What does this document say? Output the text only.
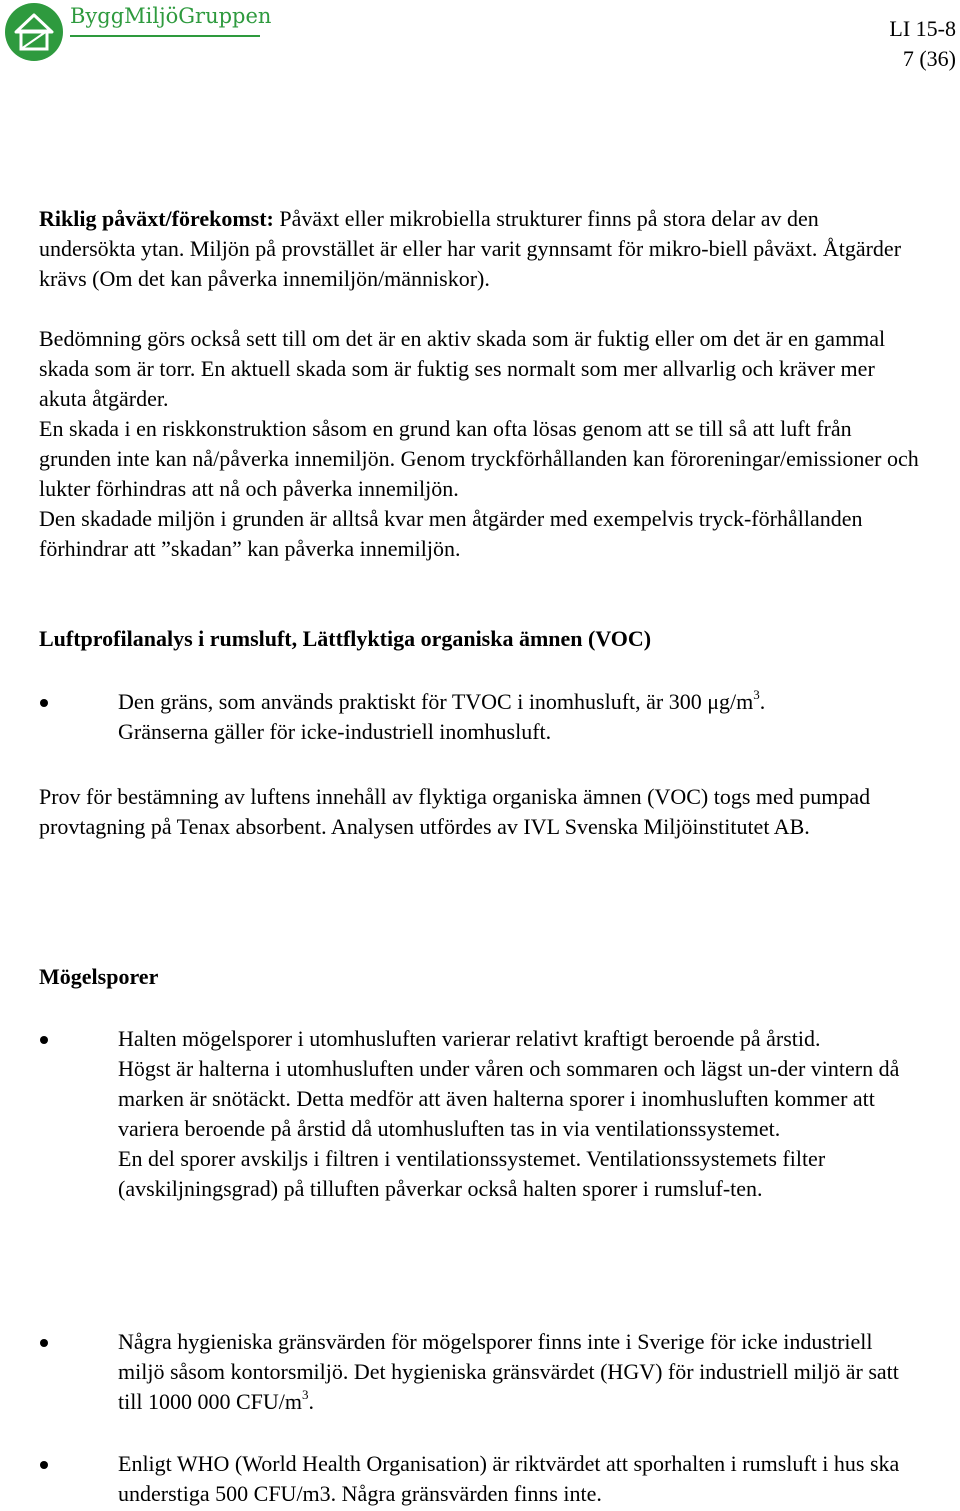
ByggMiljöGruppen	LI 15-8
7 (36)

Riklig påväxt/förekomst: Påväxt eller mikrobiella strukturer finns på stora delar av den undersökta ytan. Miljön på provstället är eller har varit gynnsamt för mikro-biell påväxt. Åtgärder krävs (Om det kan påverka innemiljön/människor).

Bedömning görs också sett till om det är en aktiv skada som är fuktig eller om det är en gammal skada som är torr. En aktuell skada som är fuktig ses normalt som mer allvarlig och kräver mer akuta åtgärder.

En skada i en riskkonstruktion såsom en grund kan ofta lösas genom att se till så att luft från grunden inte kan nå/påverka innemiljön. Genom tryckförhållanden kan föroreningar/emissioner och lukter förhindras att nå och påverka innemiljön.

Den skadade miljön i grunden är alltså kvar men åtgärder med exempelvis tryck-förhållanden förhindrar att ”skadan” kan påverka innemiljön.

Luftprofilanalys i rumsluft, Lättflyktiga organiska ämnen (VOC)

Den gräns, som används praktiskt för TVOC i inomhusluft, är 300 $\mu g/m^3$.

Gränserna gäller för icke-industriell inomhusluft.

Prov för bestämning av luftens innehåll av flyktiga organiska ämnen (VOC) togs med pumpad provtagning på Tenax absorbent. Analysen utfördes av IVL Svenska Miljöinstitutet AB.

Mögelsporer

Halten mögelsporer i utomhusluften varierar relativt kraftigt beroende på årstid.

Högst är halterna i utomhusluften under våren och sommaren och lägst un-der vintern då marken är snötäckt. Detta medför att även halterna sporer i inomhusluften kommer att variera beroende på årstid då utomhusluften tas in via ventilationssystemet.

En del sporer avskiljs i filtren i ventilationssystemet. Ventilationssystemets filter (avskiljningsgrad) på tilluften påverkar också halten sporer i rumsluf-ten.

Några hygieniska gränsvärden för mögelsporer finns inte i Sverige för icke industriell miljö såsom kontorsmiljö. Det hygieniska gränsvärdet (HGV) för industriell miljö är satt till 1000 000 CFU/$m^3$.

Enligt WHO (World Health Organisation) är riktvärdet att sporhalten i rumsluft i hus ska understiga 500 CFU/m3. Några gränsvärden finns inte.
